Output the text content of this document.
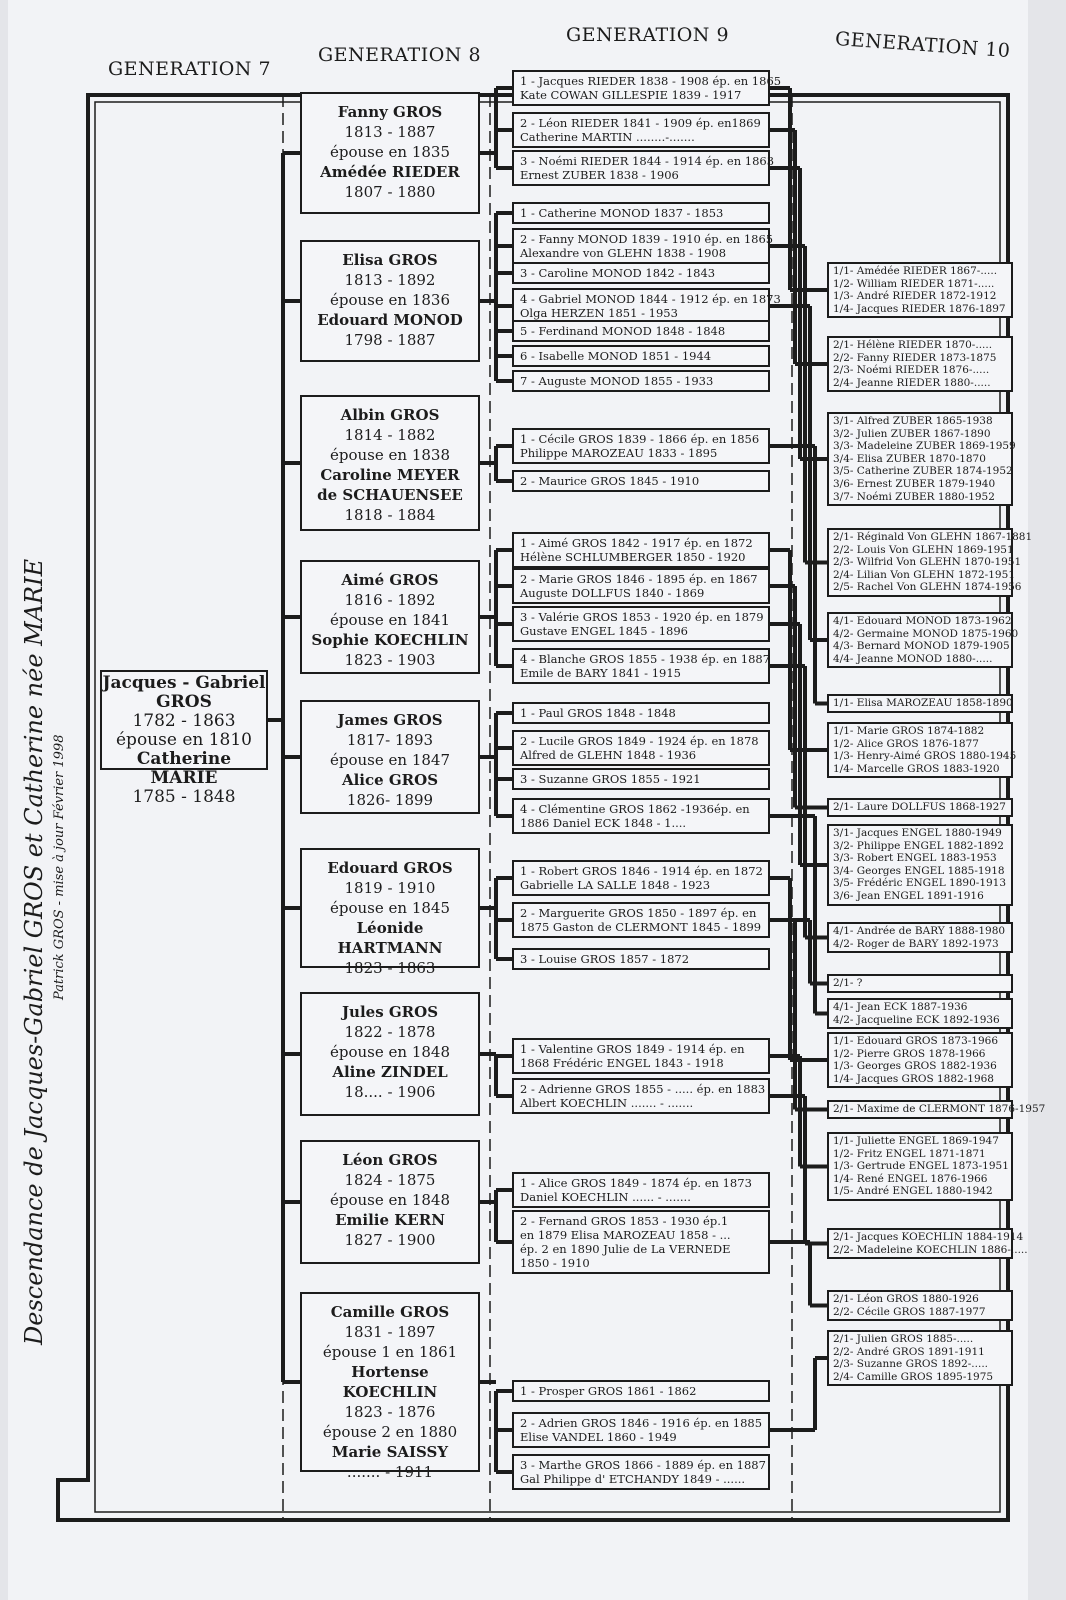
GENERATION 7
GENERATION 8
GENERATION 9	GENERATION 10
Descendance de Jacques-Gabriel GROS et Catherine née MARIE Patrick GROS - mise à jour Février 1998
Jacques - Gabriel
GROS
1782 - 1863
épouse en 1810
Catherine MARIE
1785 - 1848
Fanny GROS
1813 - 1887
épouse en 1835
Amédée RIEDER
1807 - 1880
Elisa GROS
1813 - 1892
épouse en 1836
Edouard MONOD
1798 - 1887
Albin GROS
1814 - 1882
épouse en 1838
Caroline MEYER
de SCHAUENSEE
1818 - 1884
Aimé GROS
1816 - 1892
épouse en 1841
Sophie KOECHLIN
1823 - 1903
James GROS
1817- 1893
épouse en 1847
Alice GROS
1826- 1899
Edouard GROS
1819 - 1910
épouse en 1845
Léonide HARTMANN
1823 - 1863
Jules GROS
1822 - 1878
épouse en 1848
Aline ZINDEL
18.... - 1906
Léon GROS
1824 - 1875
épouse en 1848
Emilie KERN
1827 - 1900
Camille GROS
1831 - 1897
épouse 1 en 1861
Hortense KOECHLIN
1823 - 1876
épouse 2 en 1880
Marie SAISSY
....... - 1911
1 - Jacques RIEDER 1838 - 1908 ép. en 1865
Kate COWAN GILLESPIE 1839 - 1917
2 - Léon RIEDER 1841 - 1909 ép. en1869
Catherine MARTIN ........-.......
3 - Noémi RIEDER 1844 - 1914 ép. en 1863
Ernest ZUBER 1838 - 1906
1 - Catherine MONOD 1837 - 1853
2 - Fanny MONOD 1839 - 1910 ép. en 1865
Alexandre von GLEHN 1838 - 1908
3 - Caroline MONOD 1842 - 1843
4 - Gabriel MONOD 1844 - 1912 ép. en 1873
Olga HERZEN 1851 - 1953
5 - Ferdinand MONOD 1848 - 1848
6 - Isabelle MONOD 1851 - 1944
7 - Auguste MONOD 1855 - 1933
1 - Cécile GROS 1839 - 1866 ép. en 1856
Philippe MAROZEAU 1833 - 1895
2 - Maurice GROS 1845 - 1910
1 - Aimé GROS 1842 - 1917 ép. en 1872
Hélène SCHLUMBERGER 1850 - 1920
2 - Marie GROS 1846 - 1895 ép. en 1867
Auguste DOLLFUS 1840 - 1869
3 - Valérie GROS 1853 - 1920 ép. en 1879
Gustave ENGEL 1845 - 1896
4 - Blanche GROS 1855 - 1938 ép. en 1887
Emile de BARY 1841 - 1915
1 - Paul GROS 1848 - 1848
2 - Lucile GROS 1849 - 1924 ép. en 1878
Alfred de GLEHN 1848 - 1936
3 - Suzanne GROS 1855 - 1921
4 - Clémentine GROS 1862 -1936ép. en
1886 Daniel ECK 1848 - 1....
1 - Robert GROS 1846 - 1914 ép. en 1872
Gabrielle LA SALLE 1848 - 1923
2 - Marguerite GROS 1850 - 1897 ép. en
1875 Gaston de CLERMONT 1845 - 1899
3 - Louise GROS 1857 - 1872
1 - Valentine GROS 1849 - 1914 ép. en
1868 Frédéric ENGEL 1843 - 1918
2 - Adrienne GROS 1855 - ..... ép. en 1883
Albert KOECHLIN ....... - .......
1 - Alice GROS 1849 - 1874 ép. en 1873
Daniel KOECHLIN ...... - .......
2 - Fernand GROS 1853 - 1930 ép.1
en 1879 Elisa MAROZEAU 1858 - ...
ép. 2 en 1890 Julie de La VERNEDE
1850 - 1910
1 - Prosper GROS 1861 - 1862
2 - Adrien GROS 1846 - 1916 ép. en 1885
Elise VANDEL 1860 - 1949
3 - Marthe GROS 1866 - 1889 ép. en 1887
Gal Philippe d' ETCHANDY 1849 - ......
1/1- Amédée RIEDER 1867-.....
1/2- William RIEDER 1871-.....
1/3- André RIEDER 1872-1912
1/4- Jacques RIEDER 1876-1897
2/1- Hélène RIEDER 1870-.....
2/2- Fanny RIEDER 1873-1875
2/3- Noémi RIEDER 1876-.....
2/4- Jeanne RIEDER 1880-.....
3/1- Alfred ZUBER 1865-1938
3/2- Julien ZUBER 1867-1890
3/3- Madeleine ZUBER 1869-1959
3/4- Elisa ZUBER 1870-1870
3/5- Catherine ZUBER 1874-1952
3/6- Ernest ZUBER 1879-1940
3/7- Noémi ZUBER 1880-1952
2/1- Réginald Von GLEHN 1867-1881
2/2- Louis Von GLEHN 1869-1951
2/3- Wilfrid Von GLEHN 1870-1951
2/4- Lilian Von GLEHN 1872-1951
2/5- Rachel Von GLEHN 1874-1956
4/1- Edouard MONOD 1873-1962
4/2- Germaine MONOD 1875-1960
4/3- Bernard MONOD 1879-1905
4/4- Jeanne MONOD 1880-.....
1/1- Elisa MAROZEAU 1858-1890
1/1- Marie GROS 1874-1882
1/2- Alice GROS 1876-1877
1/3- Henry-Aimé GROS 1880-1945
1/4- Marcelle GROS 1883-1920
2/1- Laure DOLLFUS 1868-1927
3/1- Jacques ENGEL 1880-1949
3/2- Philippe ENGEL 1882-1892
3/3- Robert ENGEL 1883-1953
3/4- Georges ENGEL 1885-1918
3/5- Frédéric ENGEL 1890-1913
3/6- Jean ENGEL 1891-1916
4/1- Andrée de BARY 1888-1980
4/2- Roger de BARY 1892-1973
2/1- ?
4/1- Jean ECK 1887-1936
4/2- Jacqueline ECK 1892-1936
1/1- Edouard GROS 1873-1966
1/2- Pierre GROS 1878-1966
1/3- Georges GROS 1882-1936
1/4- Jacques GROS 1882-1968
2/1- Maxime de CLERMONT 1876-1957
1/1- Juliette ENGEL 1869-1947
1/2- Fritz ENGEL 1871-1871
1/3- Gertrude ENGEL 1873-1951
1/4- René ENGEL 1876-1966
1/5- André ENGEL 1880-1942
2/1- Jacques KOECHLIN 1884-1914
2/2- Madeleine KOECHLIN 1886-.....
2/1- Léon GROS 1880-1926
2/2- Cécile GROS 1887-1977
2/1- Julien GROS 1885-.....
2/2- André GROS 1891-1911
2/3- Suzanne GROS 1892-.....
2/4- Camille GROS 1895-1975
